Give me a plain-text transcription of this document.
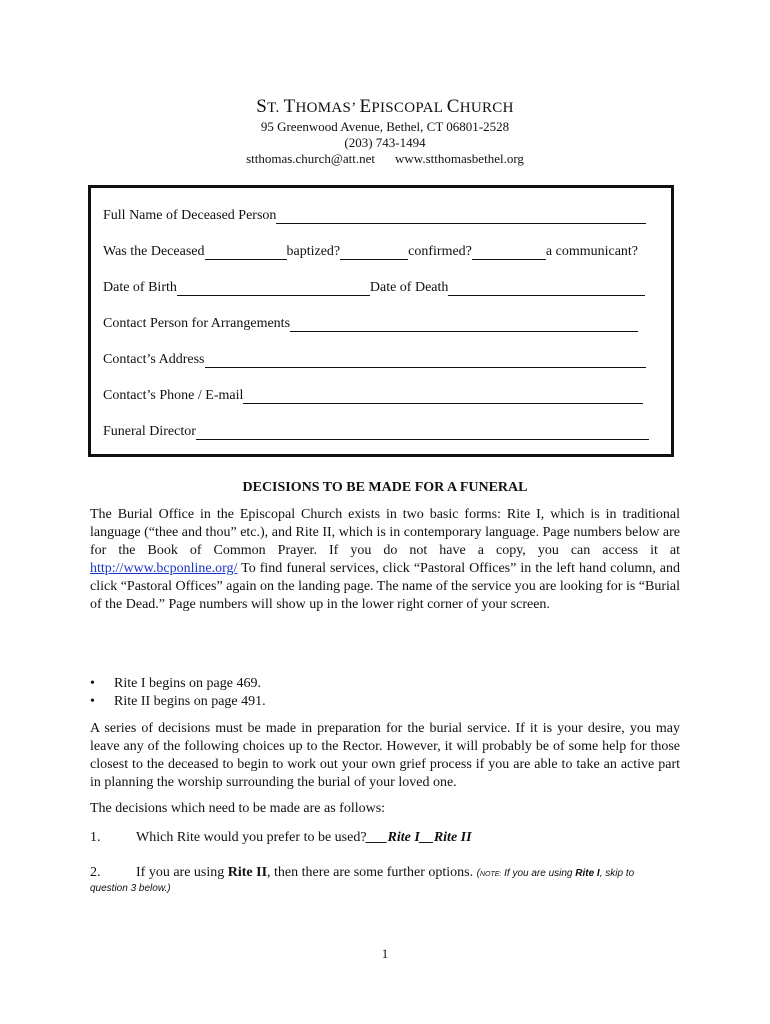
ST. THOMAS’ EPISCOPAL CHURCH
95 Greenwood Avenue, Bethel, CT 06801-2528
(203) 743-1494
stthomas.church@att.net www.stthomasbethel.org
Full Name of Deceased Person
Was the Deceased	baptized?	confirmed?	a communicant?
Date of Birth	Date of Death
Contact Person for Arrangements
Contact’s Address
Contact’s Phone / E-mail
Funeral Director
DECISIONS TO BE MADE FOR A FUNERAL
The Burial Office in the Episcopal Church exists in two basic forms: Rite I, which is in traditional language (“thee and thou” etc.), and Rite II, which is in contemporary language. Page numbers below are for the Book of Common Prayer. If you do not have a copy, you can access it at http://www.bcponline.org/ To find funeral services, click “Pastoral Offices” in the left hand column, and click “Pastoral Offices” again on the landing page. The name of the service you are looking for is “Burial of the Dead.” Page numbers will show up in the lower right corner of your screen.
•	Rite I begins on page 469.
•	Rite II begins on page 491.
A series of decisions must be made in preparation for the burial service. If it is your desire, you may leave any of the following choices up to the Rector. However, it will probably be of some help for those closest to the deceased to begin to work out your own grief process if you are able to take an active part in planning the worship surrounding the burial of your loved one.
The decisions which need to be made are as follows:
1.	Which Rite would you prefer to be used?___Rite I__Rite II
2.	If you are using Rite II, then there are some further options. (NOTE: If you are using Rite I, skip to
question 3 below.)
1
